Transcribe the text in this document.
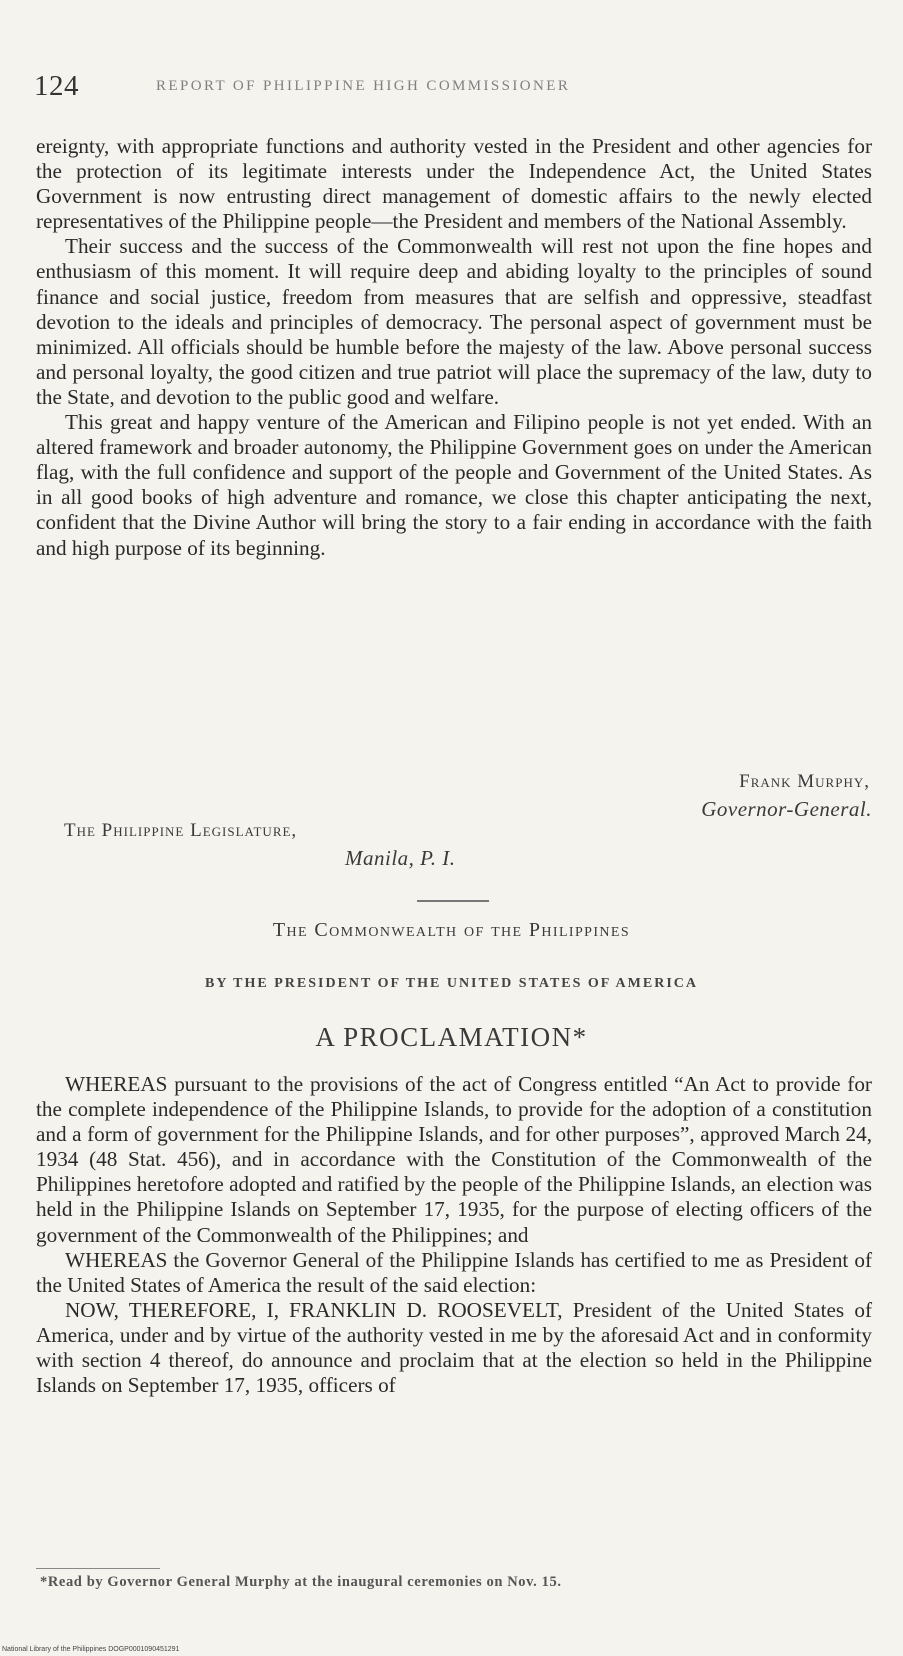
124	REPORT OF PHILIPPINE HIGH COMMISSIONER

ereignty, with appropriate functions and authority vested in the President and other agencies for the protection of its legitimate interests under the Independence Act, the United States Government is now entrusting direct management of domestic affairs to the newly elected representatives of the Philippine people—the President and members of the National Assembly.

Their success and the success of the Commonwealth will rest not upon the fine hopes and enthusiasm of this moment. It will require deep and abiding loyalty to the principles of sound finance and social justice, freedom from measures that are selfish and oppressive, steadfast devotion to the ideals and principles of democracy. The personal aspect of government must be minimized. All officials should be humble before the majesty of the law. Above personal success and personal loyalty, the good citizen and true patriot will place the supremacy of the law, duty to the State, and devotion to the public good and welfare.

This great and happy venture of the American and Filipino people is not yet ended. With an altered framework and broader autonomy, the Philippine Government goes on under the American flag, with the full confidence and support of the people and Government of the United States. As in all good books of high adventure and romance, we close this chapter anticipating the next, confident that the Divine Author will bring the story to a fair ending in accordance with the faith and high purpose of its beginning.

Frank Murphy,
Governor-General.
The Philippine Legislature,
Manila, P. I.
The Commonwealth of the Philippines
BY THE PRESIDENT OF THE UNITED STATES OF AMERICA
A PROCLAMATION*

WHEREAS pursuant to the provisions of the act of Congress entitled “An Act to provide for the complete independence of the Philippine Islands, to provide for the adoption of a constitution and a form of government for the Philippine Islands, and for other purposes”, approved March 24, 1934 (48 Stat. 456), and in accordance with the Constitution of the Commonwealth of the Philippines heretofore adopted and ratified by the people of the Philippine Islands, an election was held in the Philippine Islands on September 17, 1935, for the purpose of electing officers of the government of the Commonwealth of the Philippines; and

WHEREAS the Governor General of the Philippine Islands has certified to me as President of the United States of America the result of the said election:

NOW, THEREFORE, I, FRANKLIN D. ROOSEVELT, President of the United States of America, under and by virtue of the authority vested in me by the aforesaid Act and in conformity with section 4 thereof, do announce and proclaim that at the election so held in the Philippine Islands on September 17, 1935, officers of

*Read by Governor General Murphy at the inaugural ceremonies on Nov. 15.
National Library of the Philippines DOGP0001090451291
